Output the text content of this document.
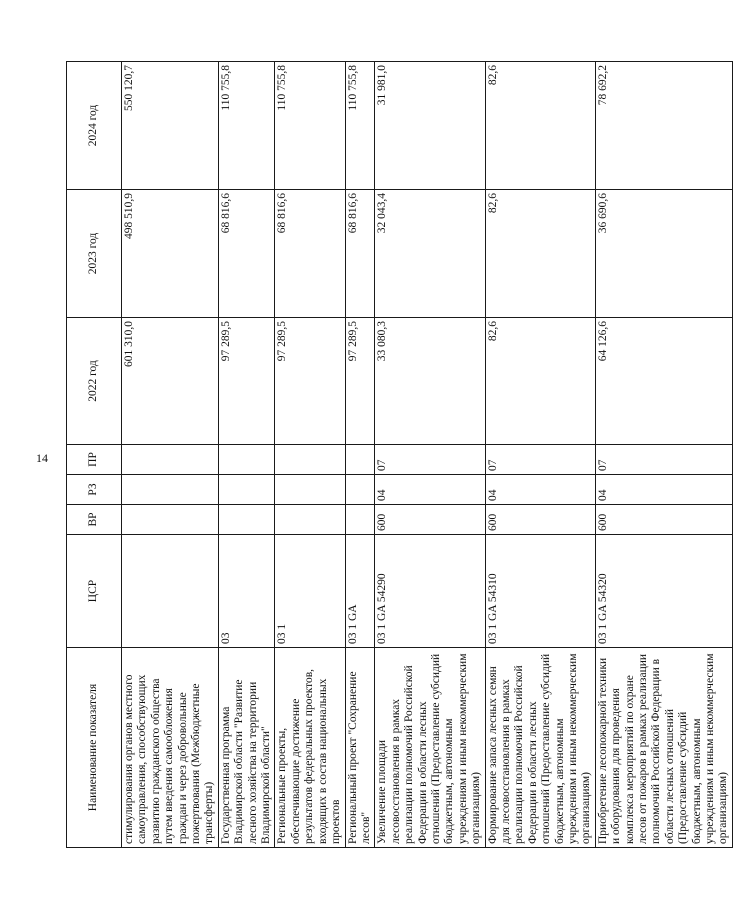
14
Наименование показателя	ЦСР	ВР	РЗ	ПР	2022 год	2023 год	2024 год
стимулирования органов местного самоуправления, способствующих развитию гражданского общества путем введения самообложения граждан и через добровольные пожертвования (Межбюджетные трансферты)					601 310,0	498 510,9	550 120,7
Государственная программа Владимирской области "Развитие лесного хозяйства на территории Владимирской области"	03				97 289,5	68 816,6	110 755,8
Региональные проекты, обеспечивающие достижение результатов федеральных проектов, входящих в состав национальных проектов	03 1				97 289,5	68 816,6	110 755,8
Региональный проект "Сохранение лесов"	03 1 GA				97 289,5	68 816,6	110 755,8
Увеличение площади лесовосстановления в рамках реализации полномочий Российской Федерации в области лесных отношений (Предоставление субсидий бюджетным, автономным учреждениям и иным некоммерческим организациям)	03 1 GA 54290	600	04	07	33 080,3	32 043,4	31 981,0
Формирование запаса лесных семян для лесовосстановления в рамках реализации полномочий Российской Федерации в области лесных отношений (Предоставление субсидий бюджетным, автономным учреждениям и иным некоммерческим организациям)	03 1 GA 54310	600	04	07	82,6	82,6	82,6
Приобретение лесопожарной техники и оборудования для проведения комплекса мероприятий по охране лесов от пожаров в рамках реализации полномочий Российской Федерации в области лесных отношений (Предоставление субсидий бюджетным, автономным учреждениям и иным некоммерческим организациям)	03 1 GA 54320	600	04	07	64 126,6	36 690,6	78 692,2
